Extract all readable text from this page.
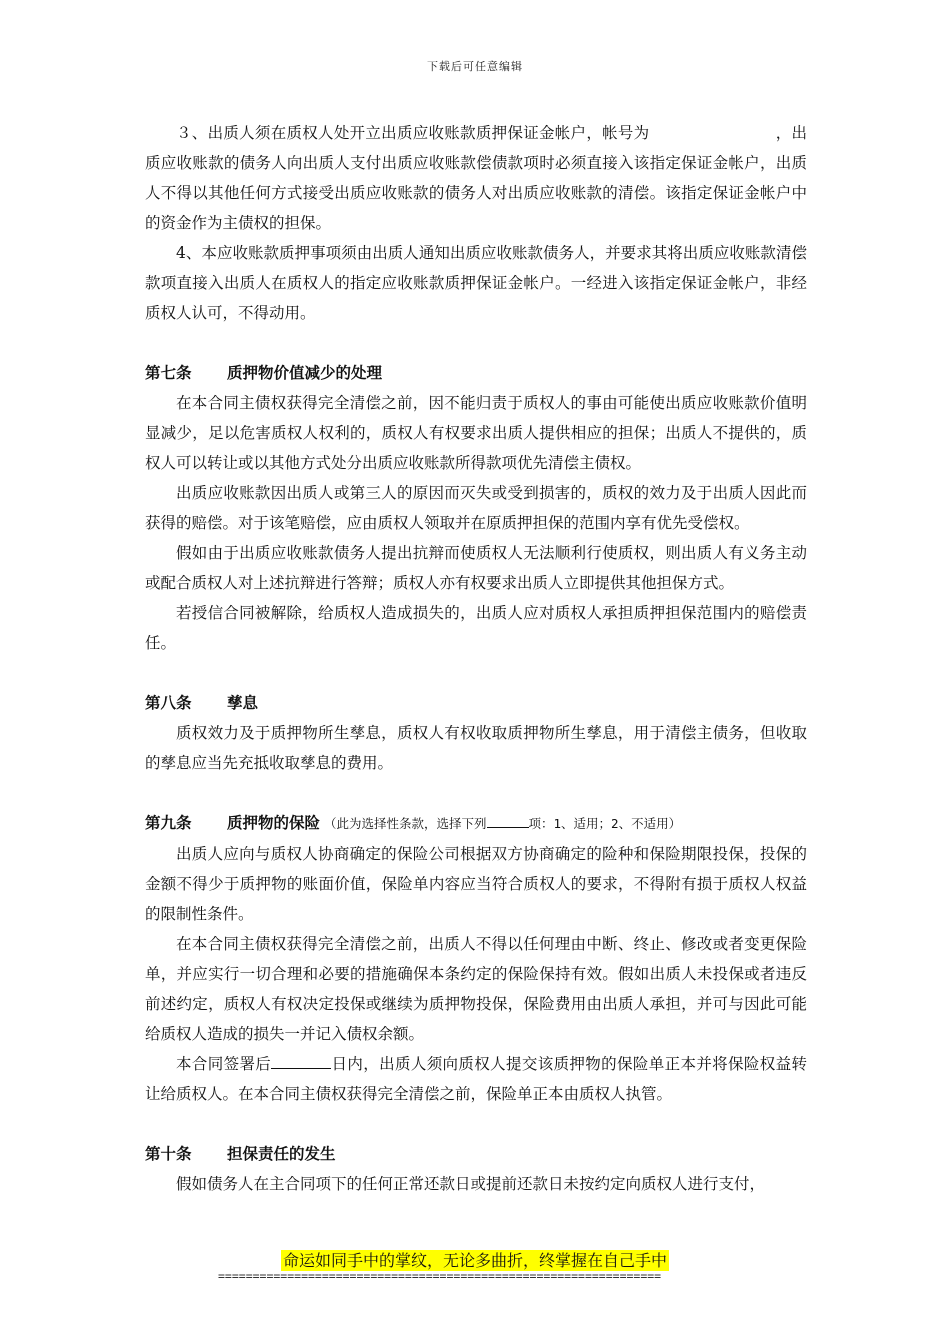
下载后可任意编辑

３、出质人须在质权人处开立出质应收账款质押保证金帐户，帐号为　　　　　　　　，出质应收账款的债务人向出质人支付出质应收账款偿债款项时必须直接入该指定保证金帐户，出质人不得以其他任何方式接受出质应收账款的债务人对出质应收账款的清偿。该指定保证金帐户中的资金作为主债权的担保。

4、本应收账款质押事项须由出质人通知出质应收账款债务人，并要求其将出质应收账款清偿款项直接入出质人在质权人的指定应收账款质押保证金帐户。一经进入该指定保证金帐户，非经质权人认可，不得动用。

第七条 质押物价值减少的处理

在本合同主债权获得完全清偿之前，因不能归责于质权人的事由可能使出质应收账款价值明显减少，足以危害质权人权利的，质权人有权要求出质人提供相应的担保；出质人不提供的，质权人可以转让或以其他方式处分出质应收账款所得款项优先清偿主债权。

出质应收账款因出质人或第三人的原因而灭失或受到损害的，质权的效力及于出质人因此而获得的赔偿。对于该笔赔偿，应由质权人领取并在原质押担保的范围内享有优先受偿权。

假如由于出质应收账款债务人提出抗辩而使质权人无法顺利行使质权，则出质人有义务主动或配合质权人对上述抗辩进行答辩；质权人亦有权要求出质人立即提供其他担保方式。

若授信合同被解除，给质权人造成损失的，出质人应对质权人承担质押担保范围内的赔偿责任。

第八条 孳息

质权效力及于质押物所生孳息，质权人有权收取质押物所生孳息，用于清偿主债务，但收取的孳息应当先充抵收取孳息的费用。

第九条 质押物的保险 （此为选择性条款，选择下列	项：1、适用；2、不适用）

出质人应向与质权人协商确定的保险公司根据双方协商确定的险种和保险期限投保，投保的金额不得少于质押物的账面价值，保险单内容应当符合质权人的要求，不得附有损于质权人权益的限制性条件。

在本合同主债权获得完全清偿之前，出质人不得以任何理由中断、终止、修改或者变更保险单，并应实行一切合理和必要的措施确保本条约定的保险保持有效。假如出质人未投保或者违反前述约定，质权人有权决定投保或继续为质押物投保，保险费用由出质人承担，并可与因此可能给质权人造成的损失一并记入债权余额。

本合同签署后	日内，出质人须向质权人提交该质押物的保险单正本并将保险权益转让给质权人。在本合同主债权获得完全清偿之前，保险单正本由质权人执管。

第十条 担保责任的发生

假如债务人在主合同项下的任何正常还款日或提前还款日未按约定向质权人进行支付，

命运如同手中的掌纹，无论多曲折，终掌握在自己手中
================================================================
